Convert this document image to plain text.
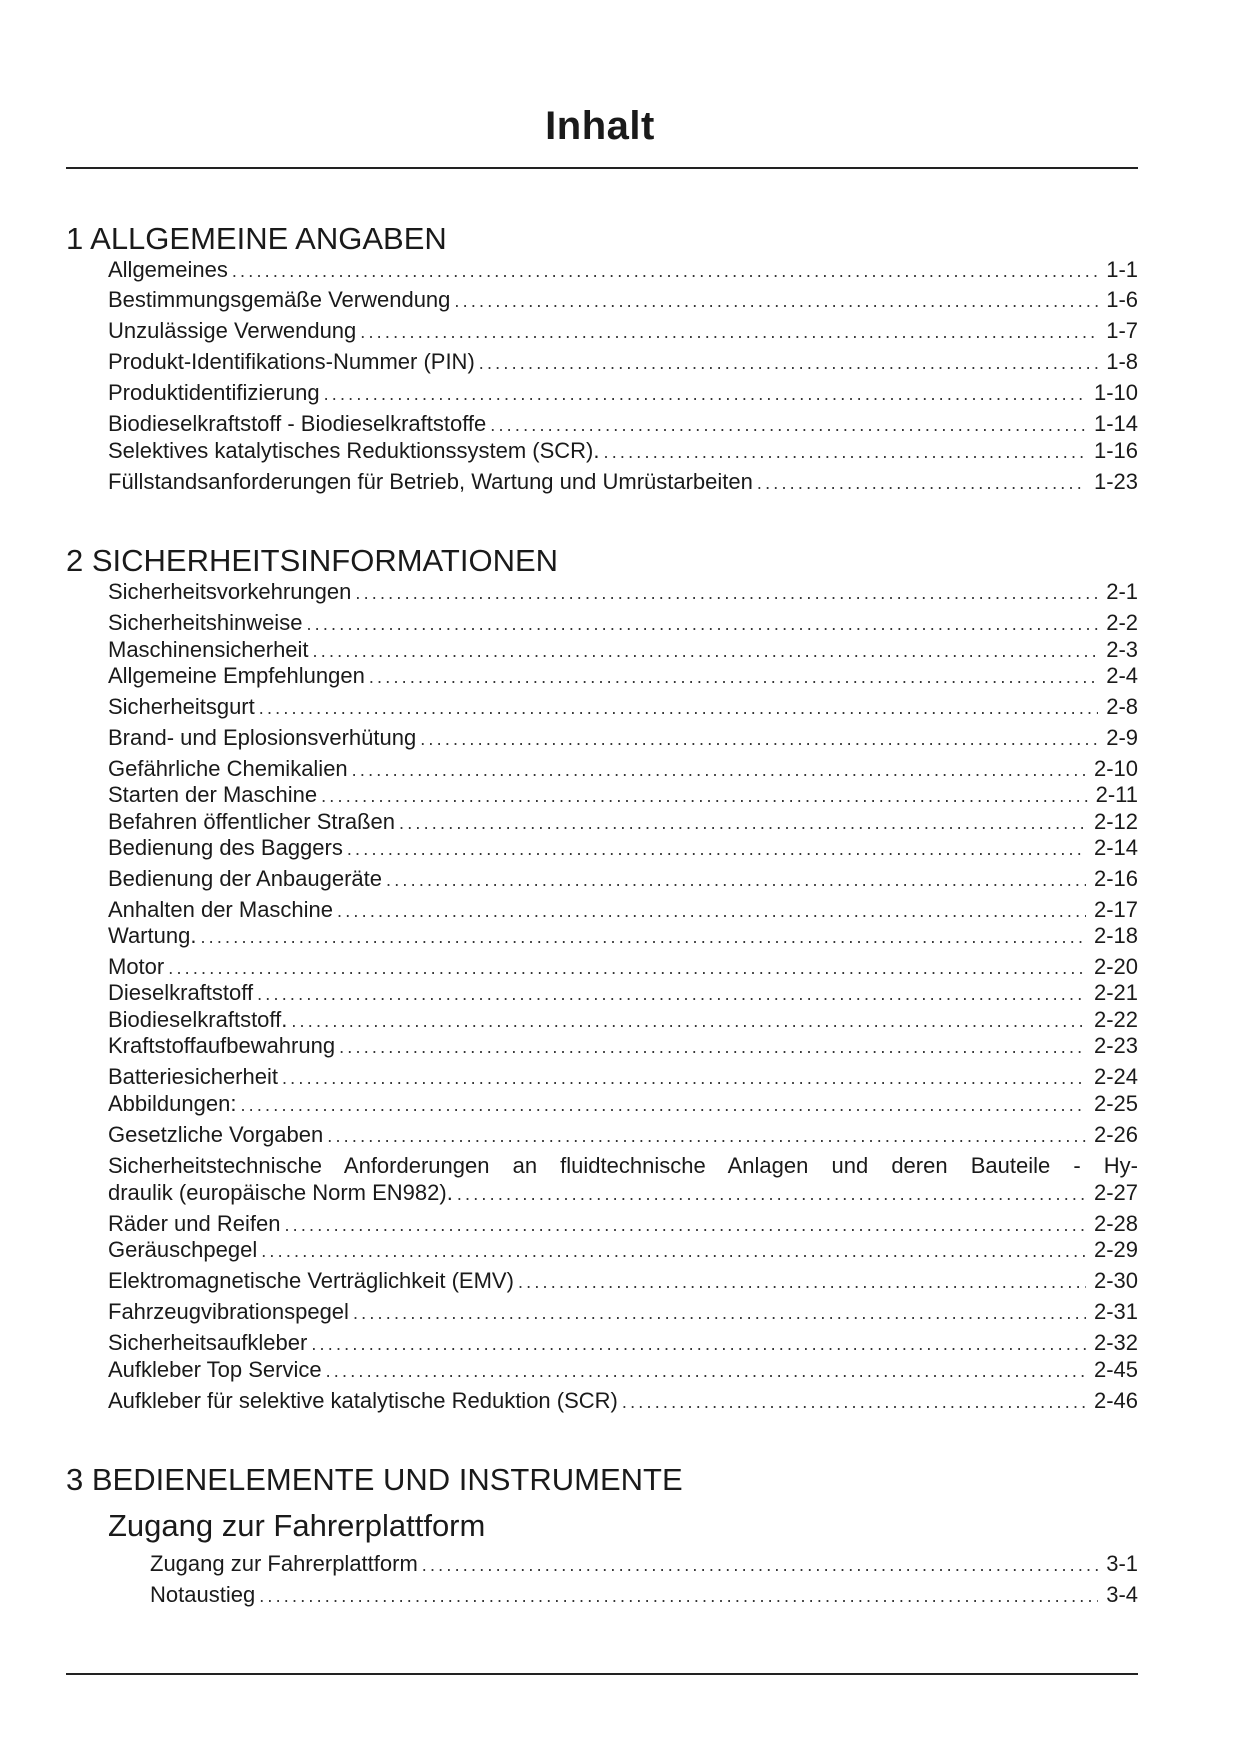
Inhalt
1 ALLGEMEINE ANGABEN
Allgemeines .....	1-1
Bestimmungsgemäße Verwendung .....	1-6
Unzulässige Verwendung .....	1-7
Produkt-Identifikations-Nummer (PIN) .....	1-8
Produktidentifizierung .....	1-10
Biodieselkraftstoff - Biodieselkraftstoffe .....	1-14
Selektives katalytisches Reduktionssystem (SCR). .....	1-16
Füllstandsanforderungen für Betrieb, Wartung und Umrüstarbeiten .....	1-23
2 SICHERHEITSINFORMATIONEN
Sicherheitsvorkehrungen .....	2-1
Sicherheitshinweise .....	2-2
Maschinensicherheit .....	2-3
Allgemeine Empfehlungen .....	2-4
Sicherheitsgurt .....	2-8
Brand- und Eplosionsverhütung .....	2-9
Gefährliche Chemikalien .....	2-10
Starten der Maschine .....	2-11
Befahren öffentlicher Straßen .....	2-12
Bedienung des Baggers .....	2-14
Bedienung der Anbaugeräte .....	2-16
Anhalten der Maschine .....	2-17
Wartung. .....	2-18
Motor .....	2-20
Dieselkraftstoff .....	2-21
Biodieselkraftstoff. .....	2-22
Kraftstoffaufbewahrung .....	2-23
Batteriesicherheit .....	2-24
Abbildungen: .....	2-25
Gesetzliche Vorgaben .....	2-26
Sicherheitstechnische Anforderungen an fluidtechnische Anlagen und deren Bauteile - Hy-
draulik (europäische Norm EN982). .....	2-27
Räder und Reifen .....	2-28
Geräuschpegel .....	2-29
Elektromagnetische Verträglichkeit (EMV) .....	2-30
Fahrzeugvibrationspegel .....	2-31
Sicherheitsaufkleber .....	2-32
Aufkleber Top Service .....	2-45
Aufkleber für selektive katalytische Reduktion (SCR) .....	2-46
3 BEDIENELEMENTE UND INSTRUMENTE
Zugang zur Fahrerplattform
Zugang zur Fahrerplattform .....	3-1
Notaustieg .....	3-4
